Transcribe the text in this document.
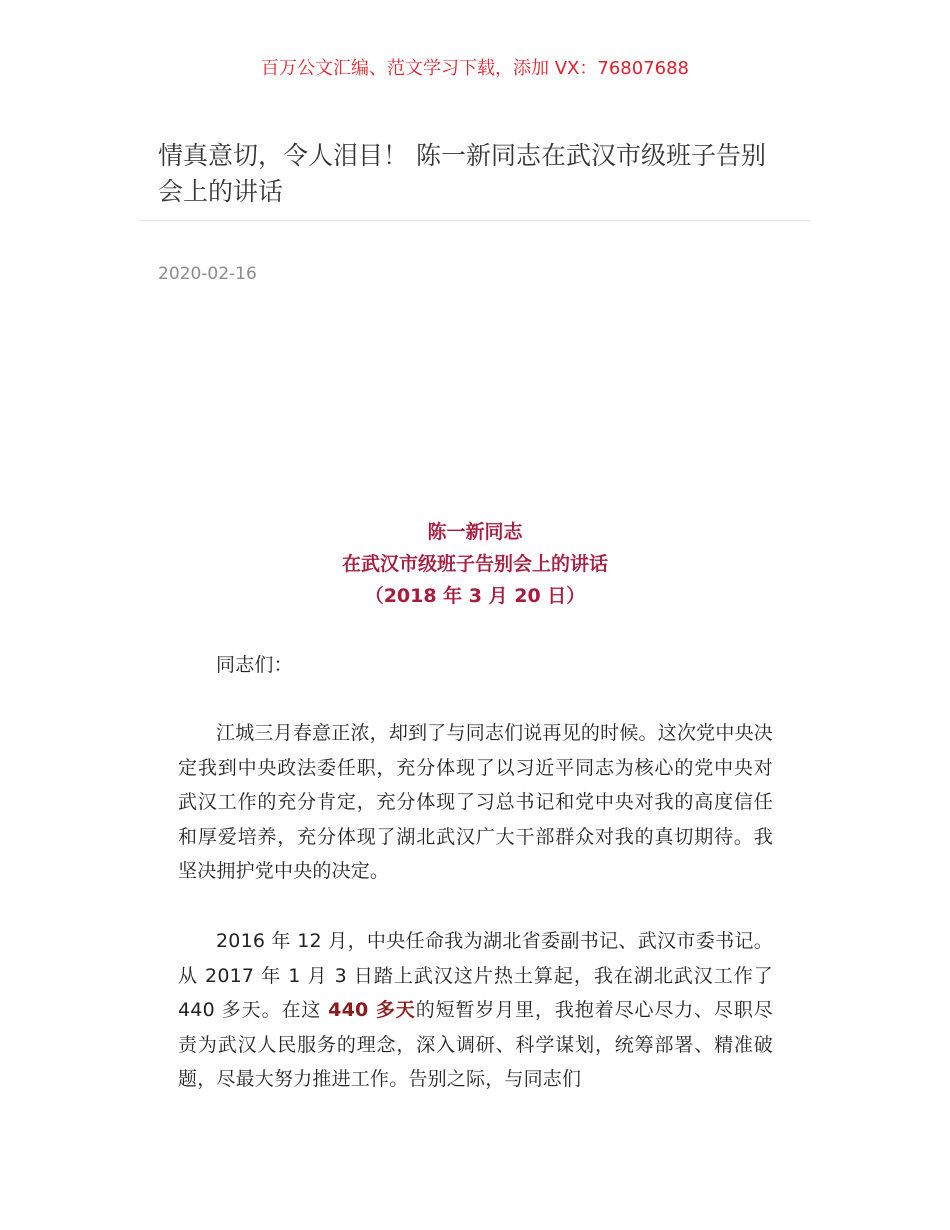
百万公文汇编、范文学习下载，添加 VX：76807688
情真意切，令人泪目！ 陈一新同志在武汉市级班子告别会上的讲话
2020-02-16
陈一新同志
在武汉市级班子告别会上的讲话
（2018 年 3 月 20 日）
同志们：
江城三月春意正浓，却到了与同志们说再见的时候。这次党中央决定我到中央政法委任职，充分体现了以习近平同志为核心的党中央对武汉工作的充分肯定，充分体现了习总书记和党中央对我的高度信任和厚爱培养，充分体现了湖北武汉广大干部群众对我的真切期待。我坚决拥护党中央的决定。
2016 年 12 月，中央任命我为湖北省委副书记、武汉市委书记。从 2017 年 1 月 3 日踏上武汉这片热土算起，我在湖北武汉工作了 440 多天。在这 440 多天的短暂岁月里，我抱着尽心尽力、尽职尽责为武汉人民服务的理念，深入调研、科学谋划，统筹部署、精准破题，尽最大努力推进工作。告别之际，与同志们
